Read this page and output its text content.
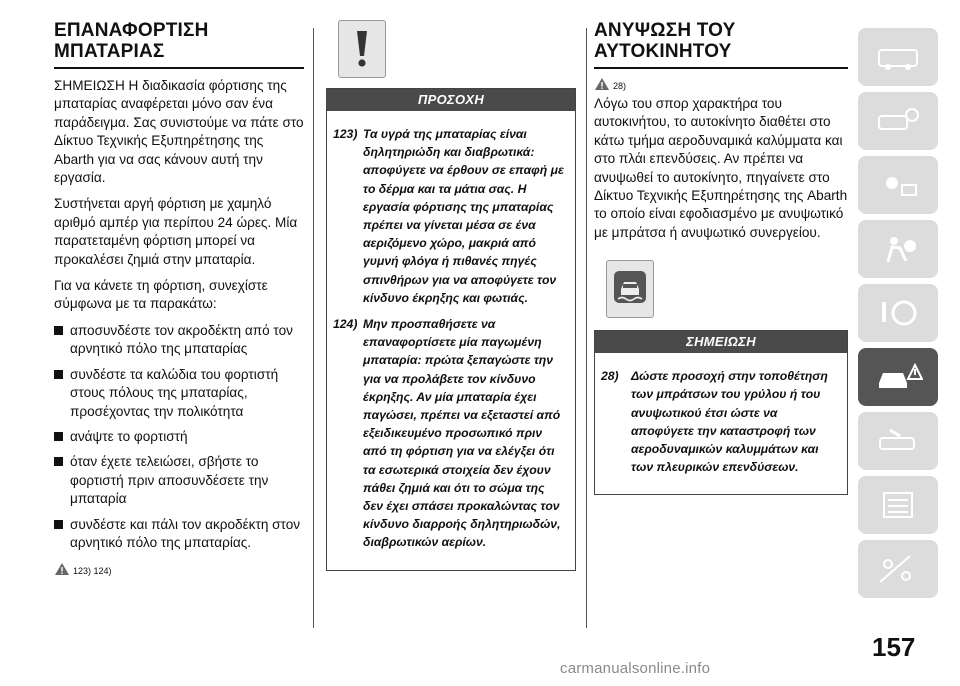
ΕΠΑΝΑΦΟΡΤΙΣΗ
ΜΠΑΤΑΡΙΑΣ

ΣΗΜΕΙΩΣΗ Η διαδικασία φόρτισης της μπαταρίας αναφέρεται μόνο σαν ένα παράδειγμα. Σας συνιστούμε να πάτε στο Δίκτυο Τεχνικής Εξυπηρέτησης της Abarth για να σας κάνουν αυτή την εργασία.

Συστήνεται αργή φόρτιση με χαμηλό αριθμό αμπέρ για περίπου 24 ώρες. Μία παρατεταμένη φόρτιση μπορεί να προκαλέσει ζημιά στην μπαταρία.

Για να κάνετε τη φόρτιση, συνεχίστε σύμφωνα με τα παρακάτω:

αποσυνδέστε τον ακροδέκτη από τον αρνητικό πόλο της μπαταρίας
συνδέστε τα καλώδια του φορτιστή στους πόλους της μπαταρίας, προσέχοντας την πολικότητα
ανάψτε το φορτιστή
όταν έχετε τελειώσει, σβήστε το φορτιστή πριν αποσυνδέσετε την μπαταρία
συνδέστε και πάλι τον ακροδέκτη στον αρνητικό πόλο της μπαταρίας.
123) 124)
ΠΡΟΣΟΧΗ
123) Τα υγρά της μπαταρίας είναι δηλητηριώδη και διαβρωτικά: αποφύγετε να έρθουν σε επαφή με το δέρμα και τα μάτια σας. Η εργασία φόρτισης της μπαταρίας πρέπει να γίνεται μέσα σε ένα αεριζόμενο χώρο, μακριά από γυμνή φλόγα ή πιθανές πηγές σπινθήρων για να αποφύγετε τον κίνδυνο έκρηξης και φωτιάς.
124) Μην προσπαθήσετε να επαναφορτίσετε μία παγωμένη μπαταρία: πρώτα ξεπαγώστε την για να προλάβετε τον κίνδυνο έκρηξης. Αν μία μπαταρία έχει παγώσει, πρέπει να εξεταστεί από εξειδικευμένο προσωπικό πριν από τη φόρτιση για να ελέγξει ότι τα εσωτερικά στοιχεία δεν έχουν πάθει ζημιά και ότι το σώμα της δεν έχει σπάσει προκαλώντας τον κίνδυνο διαρροής δηλητηριωδών, διαβρωτικών αερίων.
ΑΝΥΨΩΣΗ ΤΟΥ
ΑΥΤΟΚΙΝΗΤΟΥ
28)

Λόγω του σπορ χαρακτήρα του αυτοκινήτου, το αυτοκίνητο διαθέτει στο κάτω τμήμα αεροδυναμικά καλύμματα και στο πλάι επενδύσεις. Αν πρέπει να ανυψωθεί το αυτοκίνητο, πηγαίνετε στο Δίκτυο Τεχνικής Εξυπηρέτησης της Abarth το οποίο είναι εφοδιασμένο με ανυψωτικό με μπράτσα ή ανυψωτικό συνεργείου.

ΣΗΜΕΙΩΣΗ
28) Δώστε προσοχή στην τοποθέτηση των μπράτσων του γρύλου ή του ανυψωτικού έτσι ώστε να αποφύγετε την καταστροφή των αεροδυναμικών καλυμμάτων και των πλευρικών επενδύσεων.
157
carmanualsonline.info
